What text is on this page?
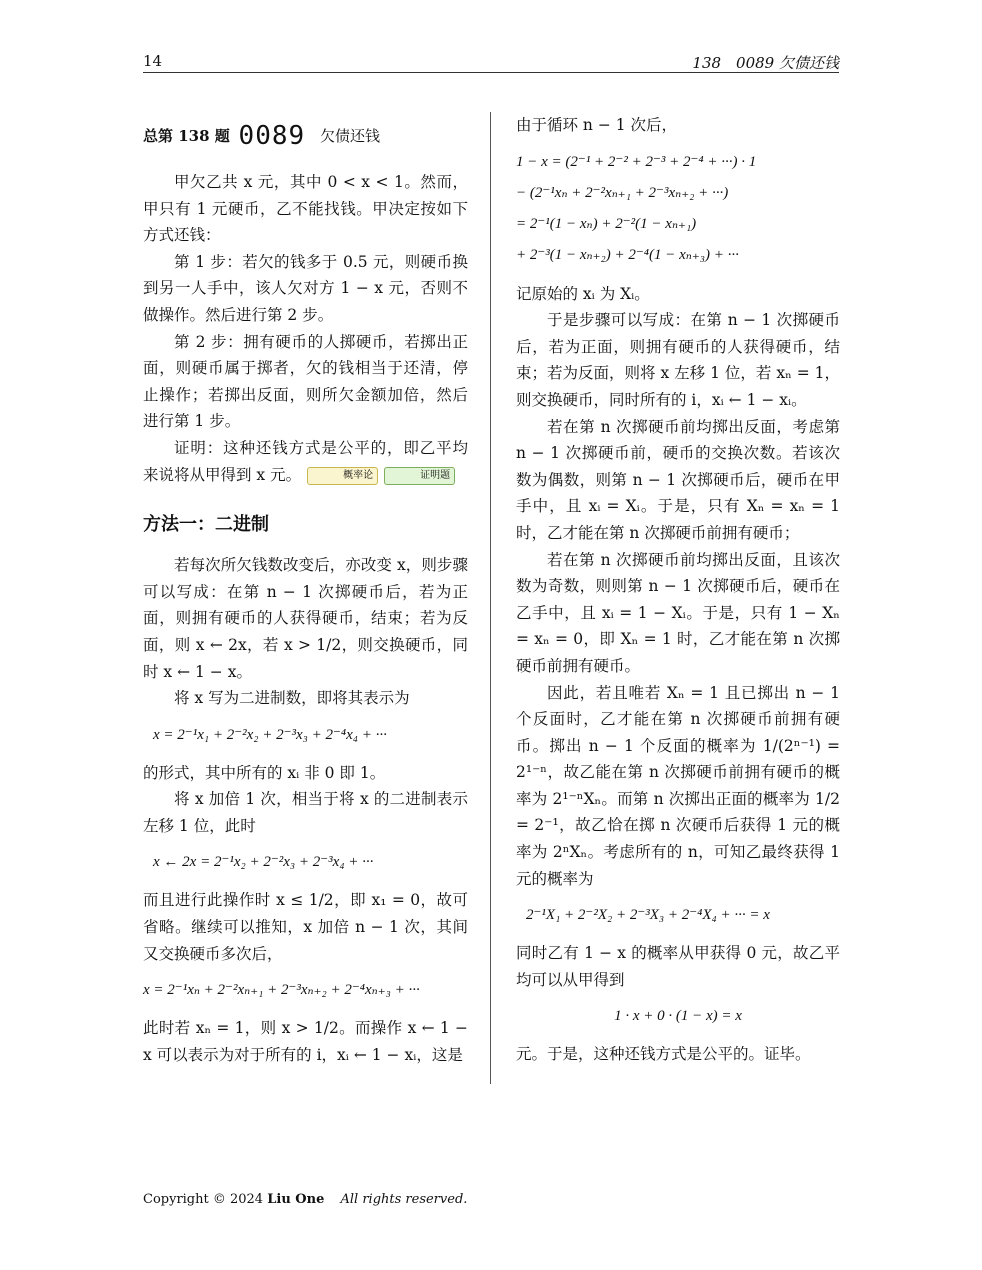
14	138　0089 欠债还钱
总第 138 题 0089 欠债还钱

甲欠乙共 x 元，其中 0 < x < 1。然而，甲只有 1 元硬币，乙不能找钱。甲决定按如下方式还钱：

第 1 步：若欠的钱多于 0.5 元，则硬币换到另一人手中，该人欠对方 1 − x 元，否则不做操作。然后进行第 2 步。

第 2 步：拥有硬币的人掷硬币，若掷出正面，则硬币属于掷者，欠的钱相当于还清，停止操作；若掷出反面，则所欠金额加倍，然后进行第 1 步。

证明：这种还钱方式是公平的，即乙平均来说将从甲得到 x 元。	概率论	证明题

方法一：二进制

若每次所欠钱数改变后，亦改变 x，则步骤可以写成：在第 n − 1 次掷硬币后，若为正面，则拥有硬币的人获得硬币，结束；若为反面，则 x ← 2x，若 x > 1/2，则交换硬币，同时 x ← 1 − x。

将 x 写为二进制数，即将其表示为

x = 2⁻¹x₁ + 2⁻²x₂ + 2⁻³x₃ + 2⁻⁴x₄ + ···

的形式，其中所有的 xᵢ 非 0 即 1。

将 x 加倍 1 次，相当于将 x 的二进制表示左移 1 位，此时

x ← 2x = 2⁻¹x₂ + 2⁻²x₃ + 2⁻³x₄ + ···

而且进行此操作时 x ≤ 1/2，即 x₁ = 0，故可省略。继续可以推知，x 加倍 n − 1 次，其间又交换硬币多次后，

x = 2⁻¹xₙ + 2⁻²xₙ₊₁ + 2⁻³xₙ₊₂ + 2⁻⁴xₙ₊₃ + ···

此时若 xₙ = 1，则 x > 1/2。而操作 x ← 1 − x 可以表示为对于所有的 i，xᵢ ← 1 − xᵢ，这是

由于循环 n − 1 次后，

1 − x = (2⁻¹ + 2⁻² + 2⁻³ + 2⁻⁴ + ···) · 1
− (2⁻¹xₙ + 2⁻²xₙ₊₁ + 2⁻³xₙ₊₂ + ···)
= 2⁻¹(1 − xₙ) + 2⁻²(1 − xₙ₊₁)
+ 2⁻³(1 − xₙ₊₂) + 2⁻⁴(1 − xₙ₊₃) + ···

记原始的 xᵢ 为 Xᵢ。

于是步骤可以写成：在第 n − 1 次掷硬币后，若为正面，则拥有硬币的人获得硬币，结束；若为反面，则将 x 左移 1 位，若 xₙ = 1，则交换硬币，同时所有的 i，xᵢ ← 1 − xᵢ。

若在第 n 次掷硬币前均掷出反面，考虑第 n − 1 次掷硬币前，硬币的交换次数。若该次数为偶数，则第 n − 1 次掷硬币后，硬币在甲手中，且 xᵢ = Xᵢ。于是，只有 Xₙ = xₙ = 1 时，乙才能在第 n 次掷硬币前拥有硬币；

若在第 n 次掷硬币前均掷出反面，且该次数为奇数，则则第 n − 1 次掷硬币后，硬币在乙手中，且 xᵢ = 1 − Xᵢ。于是，只有 1 − Xₙ = xₙ = 0，即 Xₙ = 1 时，乙才能在第 n 次掷硬币前拥有硬币。

因此，若且唯若 Xₙ = 1 且已掷出 n − 1 个反面时，乙才能在第 n 次掷硬币前拥有硬币。掷出 n − 1 个反面的概率为 1/(2ⁿ⁻¹) = 2¹⁻ⁿ，故乙能在第 n 次掷硬币前拥有硬币的概率为 2¹⁻ⁿXₙ。而第 n 次掷出正面的概率为 1/2 = 2⁻¹，故乙恰在掷 n 次硬币后获得 1 元的概率为 2ⁿXₙ。考虑所有的 n，可知乙最终获得 1 元的概率为

2⁻¹X₁ + 2⁻²X₂ + 2⁻³X₃ + 2⁻⁴X₄ + ··· = x

同时乙有 1 − x 的概率从甲获得 0 元，故乙平均可以从甲得到

1 · x + 0 · (1 − x) = x

元。于是，这种还钱方式是公平的。证毕。

Copyright © 2024 Liu One All rights reserved.
